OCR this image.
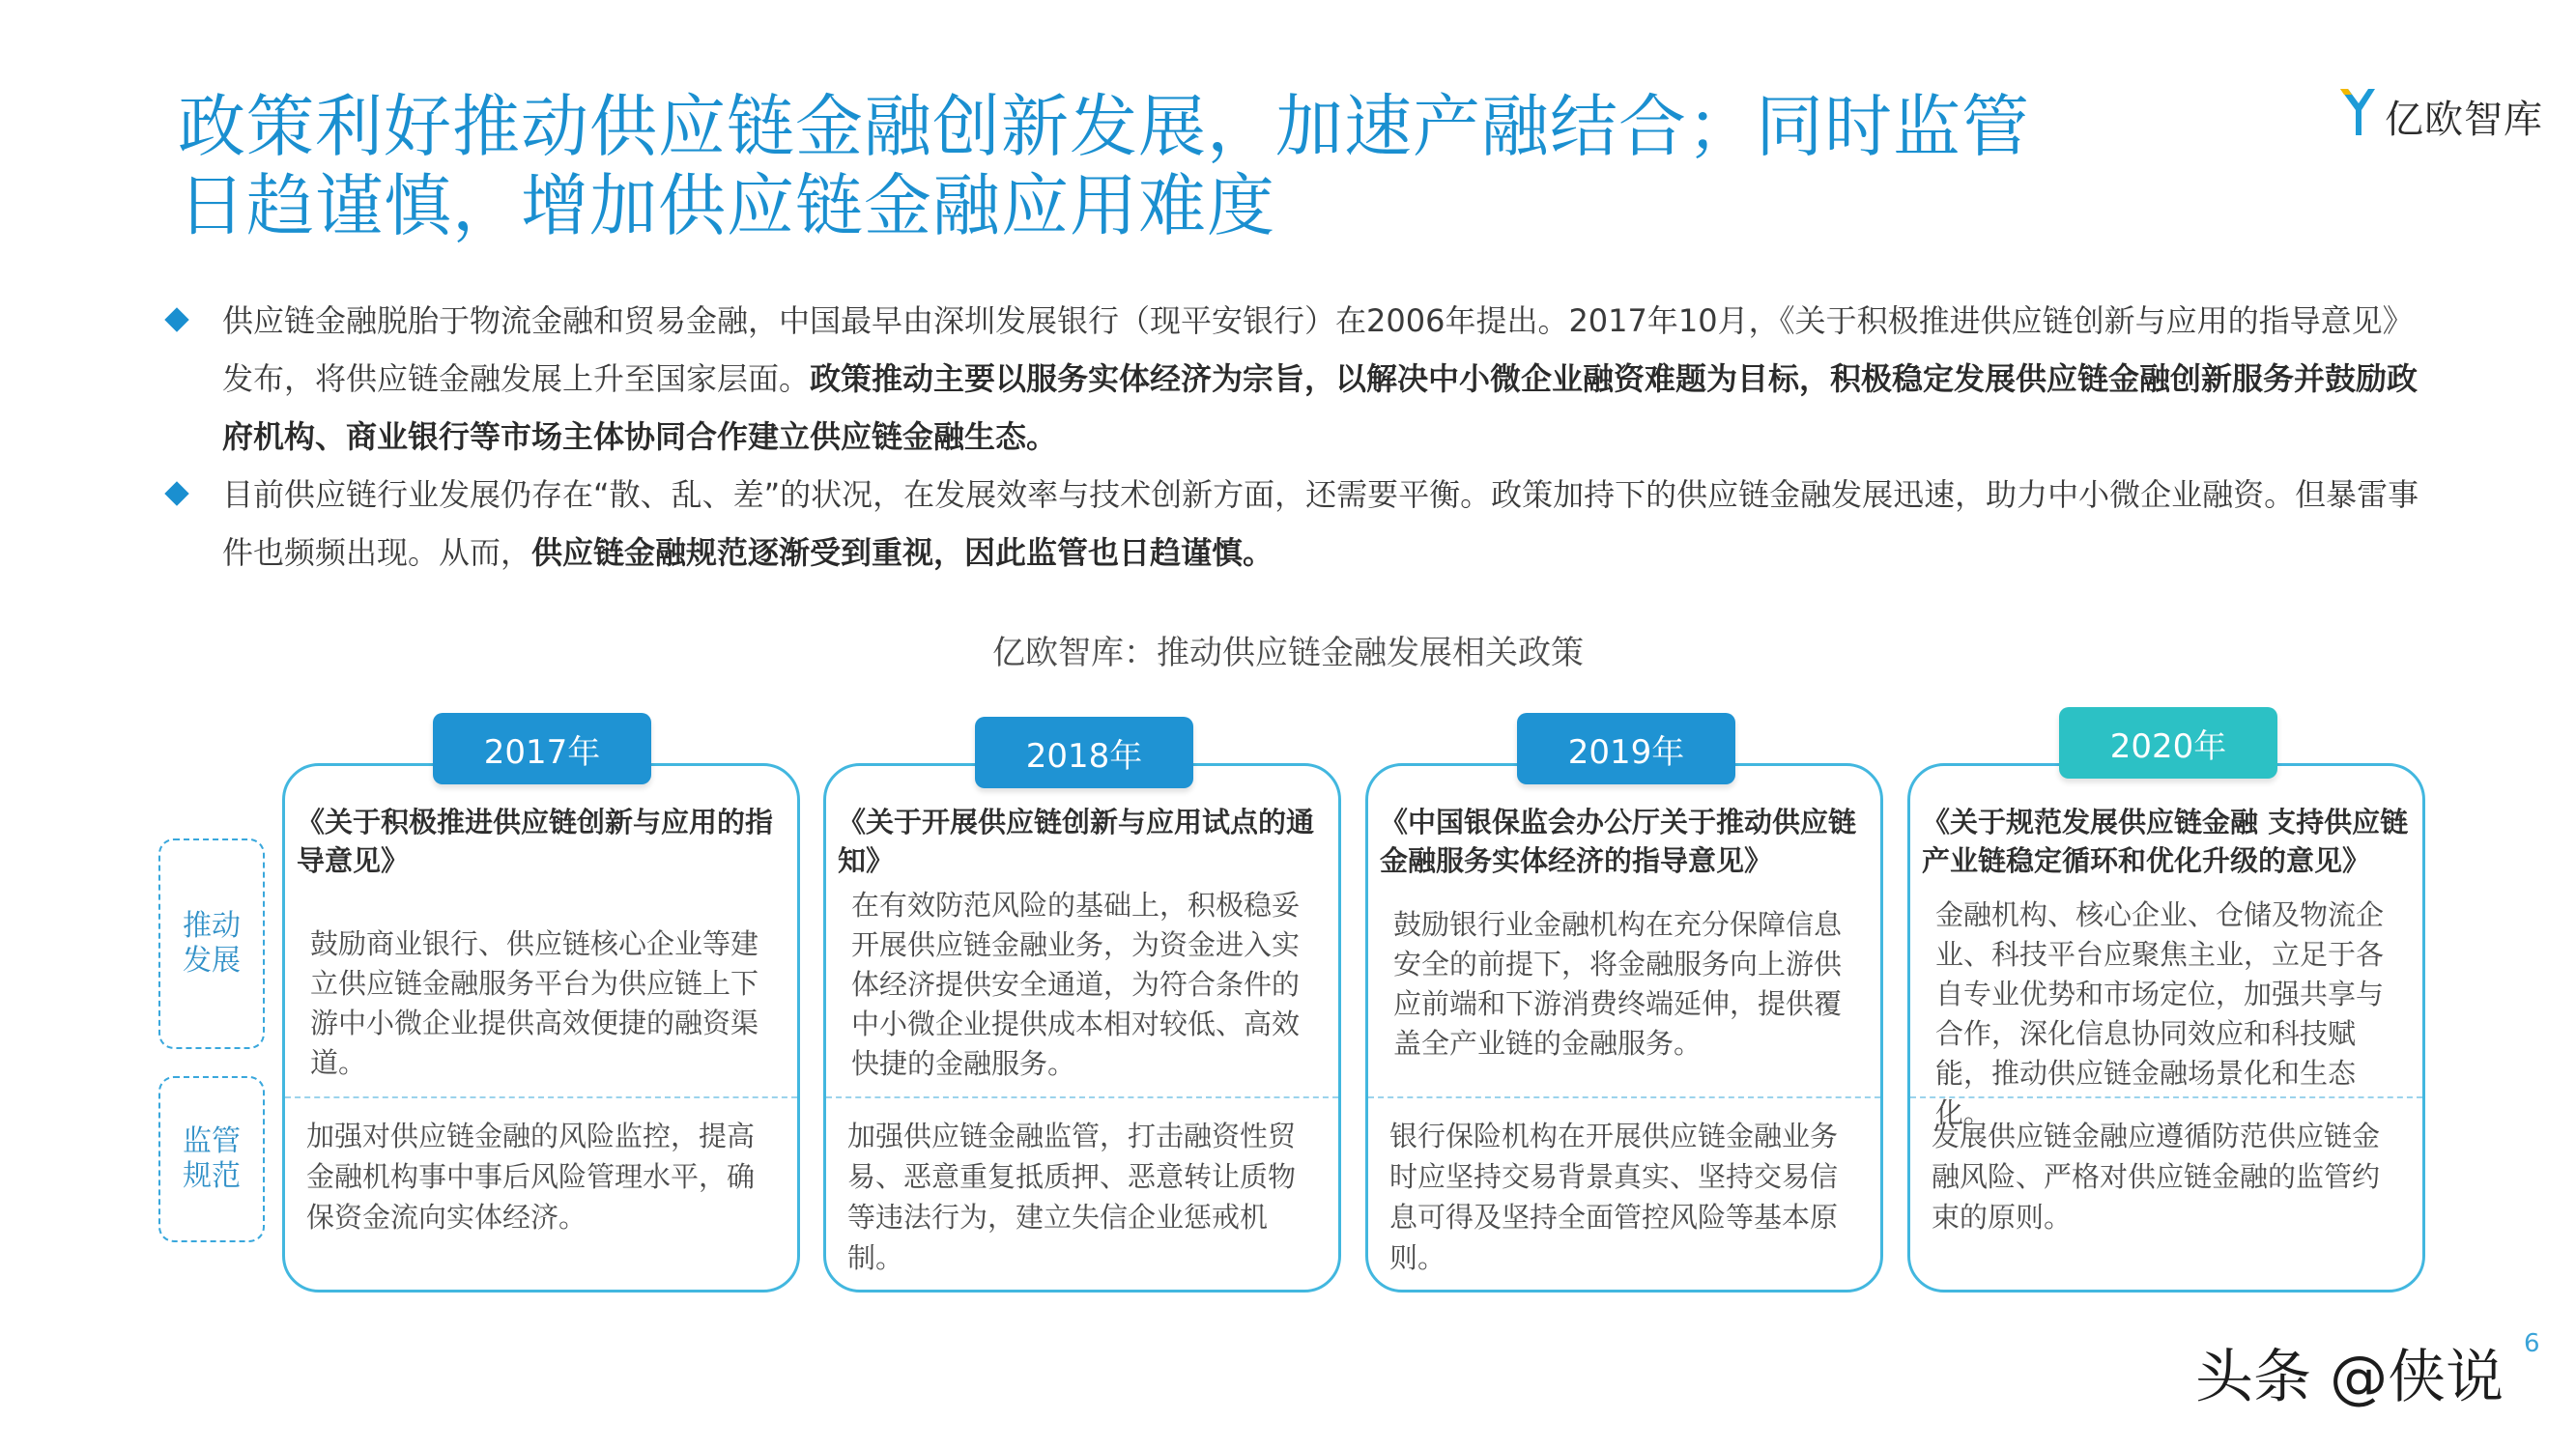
政策利好推动供应链金融创新发展，加速产融结合；同时监管
日趋谨慎，增加供应链金融应用难度
亿欧智库
供应链金融脱胎于物流金融和贸易金融，中国最早由深圳发展银行（现平安银行）在2006年提出。2017年10月，《关于积极推进供应链创新与应用的指导意见》发布，将供应链金融发展上升至国家层面。政策推动主要以服务实体经济为宗旨，以解决中小微企业融资难题为目标，积极稳定发展供应链金融创新服务并鼓励政府机构、商业银行等市场主体协同合作建立供应链金融生态。
目前供应链行业发展仍存在“散、乱、差”的状况，在发展效率与技术创新方面，还需要平衡。政策加持下的供应链金融发展迅速，助力中小微企业融资。但暴雷事件也频频出现。从而，供应链金融规范逐渐受到重视，因此监管也日趋谨慎。
亿欧智库：推动供应链金融发展相关政策
推动发展
监管规范
《关于积极推进供应链创新与应用的指导意见》
鼓励商业银行、供应链核心企业等建立供应链金融服务平台为供应链上下游中小微企业提供高效便捷的融资渠道。
加强对供应链金融的风险监控，提高金融机构事中事后风险管理水平，确保资金流向实体经济。
2017年
《关于开展供应链创新与应用试点的通知》
在有效防范风险的基础上，积极稳妥开展供应链金融业务，为资金进入实体经济提供安全通道，为符合条件的中小微企业提供成本相对较低、高效快捷的金融服务。
加强供应链金融监管，打击融资性贸易、恶意重复抵质押、恶意转让质物等违法行为，建立失信企业惩戒机制。
2018年
《中国银保监会办公厅关于推动供应链金融服务实体经济的指导意见》
鼓励银行业金融机构在充分保障信息安全的前提下，将金融服务向上游供应前端和下游消费终端延伸，提供覆盖全产业链的金融服务。
银行保险机构在开展供应链金融业务时应坚持交易背景真实、坚持交易信息可得及坚持全面管控风险等基本原则。
2019年
《关于规范发展供应链金融 支持供应链产业链稳定循环和优化升级的意见》
金融机构、核心企业、仓储及物流企业、科技平台应聚焦主业，立足于各自专业优势和市场定位，加强共享与合作，深化信息协同效应和科技赋能，推动供应链金融场景化和生态化。
发展供应链金融应遵循防范供应链金融风险、严格对供应链金融的监管约束的原则。
2020年
头条 @侠说 6
